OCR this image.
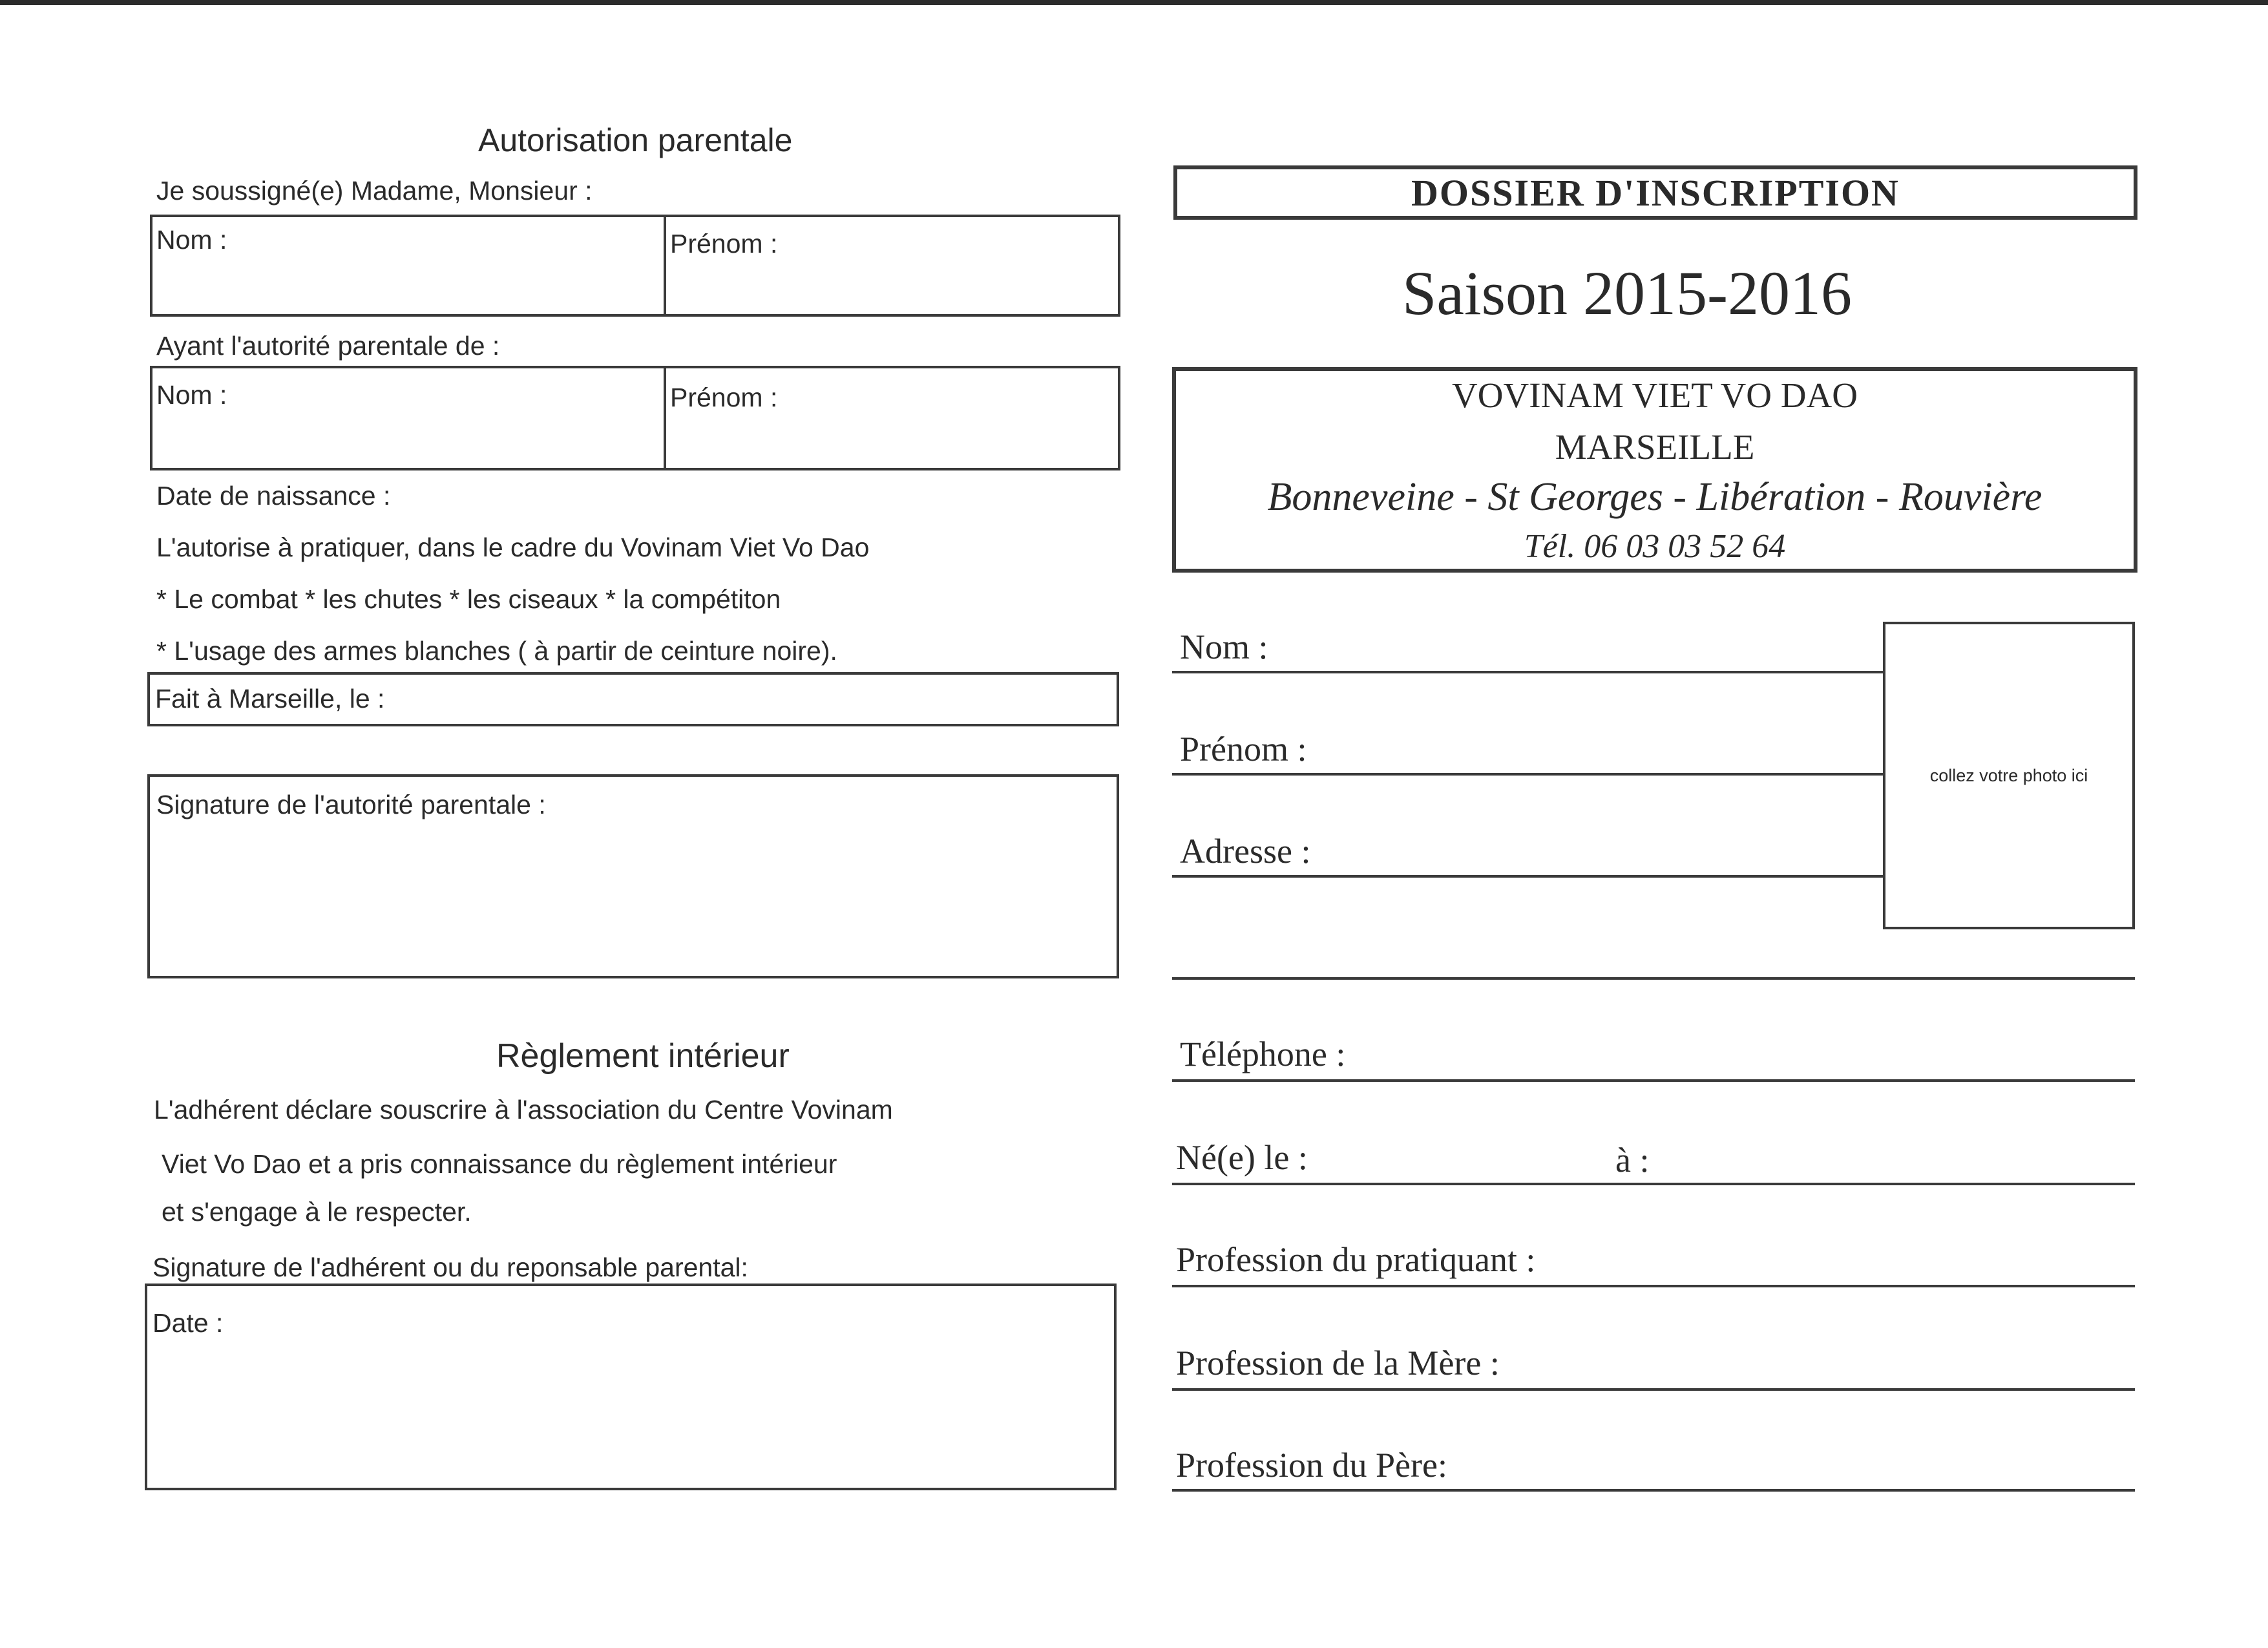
Autorisation parentale
Je soussigné(e) Madame, Monsieur :
Nom :	Prénom :
Ayant l'autorité parentale de :
Nom :	Prénom :
Date de naissance :
L'autorise à pratiquer, dans le cadre du Vovinam Viet Vo Dao
* Le combat * les chutes * les ciseaux * la compétiton
* L'usage des armes blanches ( à partir de ceinture noire).
Fait à Marseille, le :
Signature de l'autorité parentale :
Règlement intérieur
L'adhérent déclare souscrire à l'association du Centre Vovinam
Viet Vo Dao et a pris connaissance du règlement intérieur
et s'engage à le respecter.
Signature de l'adhérent ou du reponsable parental:
Date :
DOSSIER D'INSCRIPTION
Saison 2015-2016
VOVINAM VIET VO DAO
MARSEILLE
Bonneveine - St Georges - Libération - Rouvière
Tél. 06 03 03 52 64
collez votre photo ici
Nom :
Prénom :
Adresse :
Téléphone :
Né(e) le :	à :
Profession du pratiquant :
Profession de la Mère :
Profession du Père:
